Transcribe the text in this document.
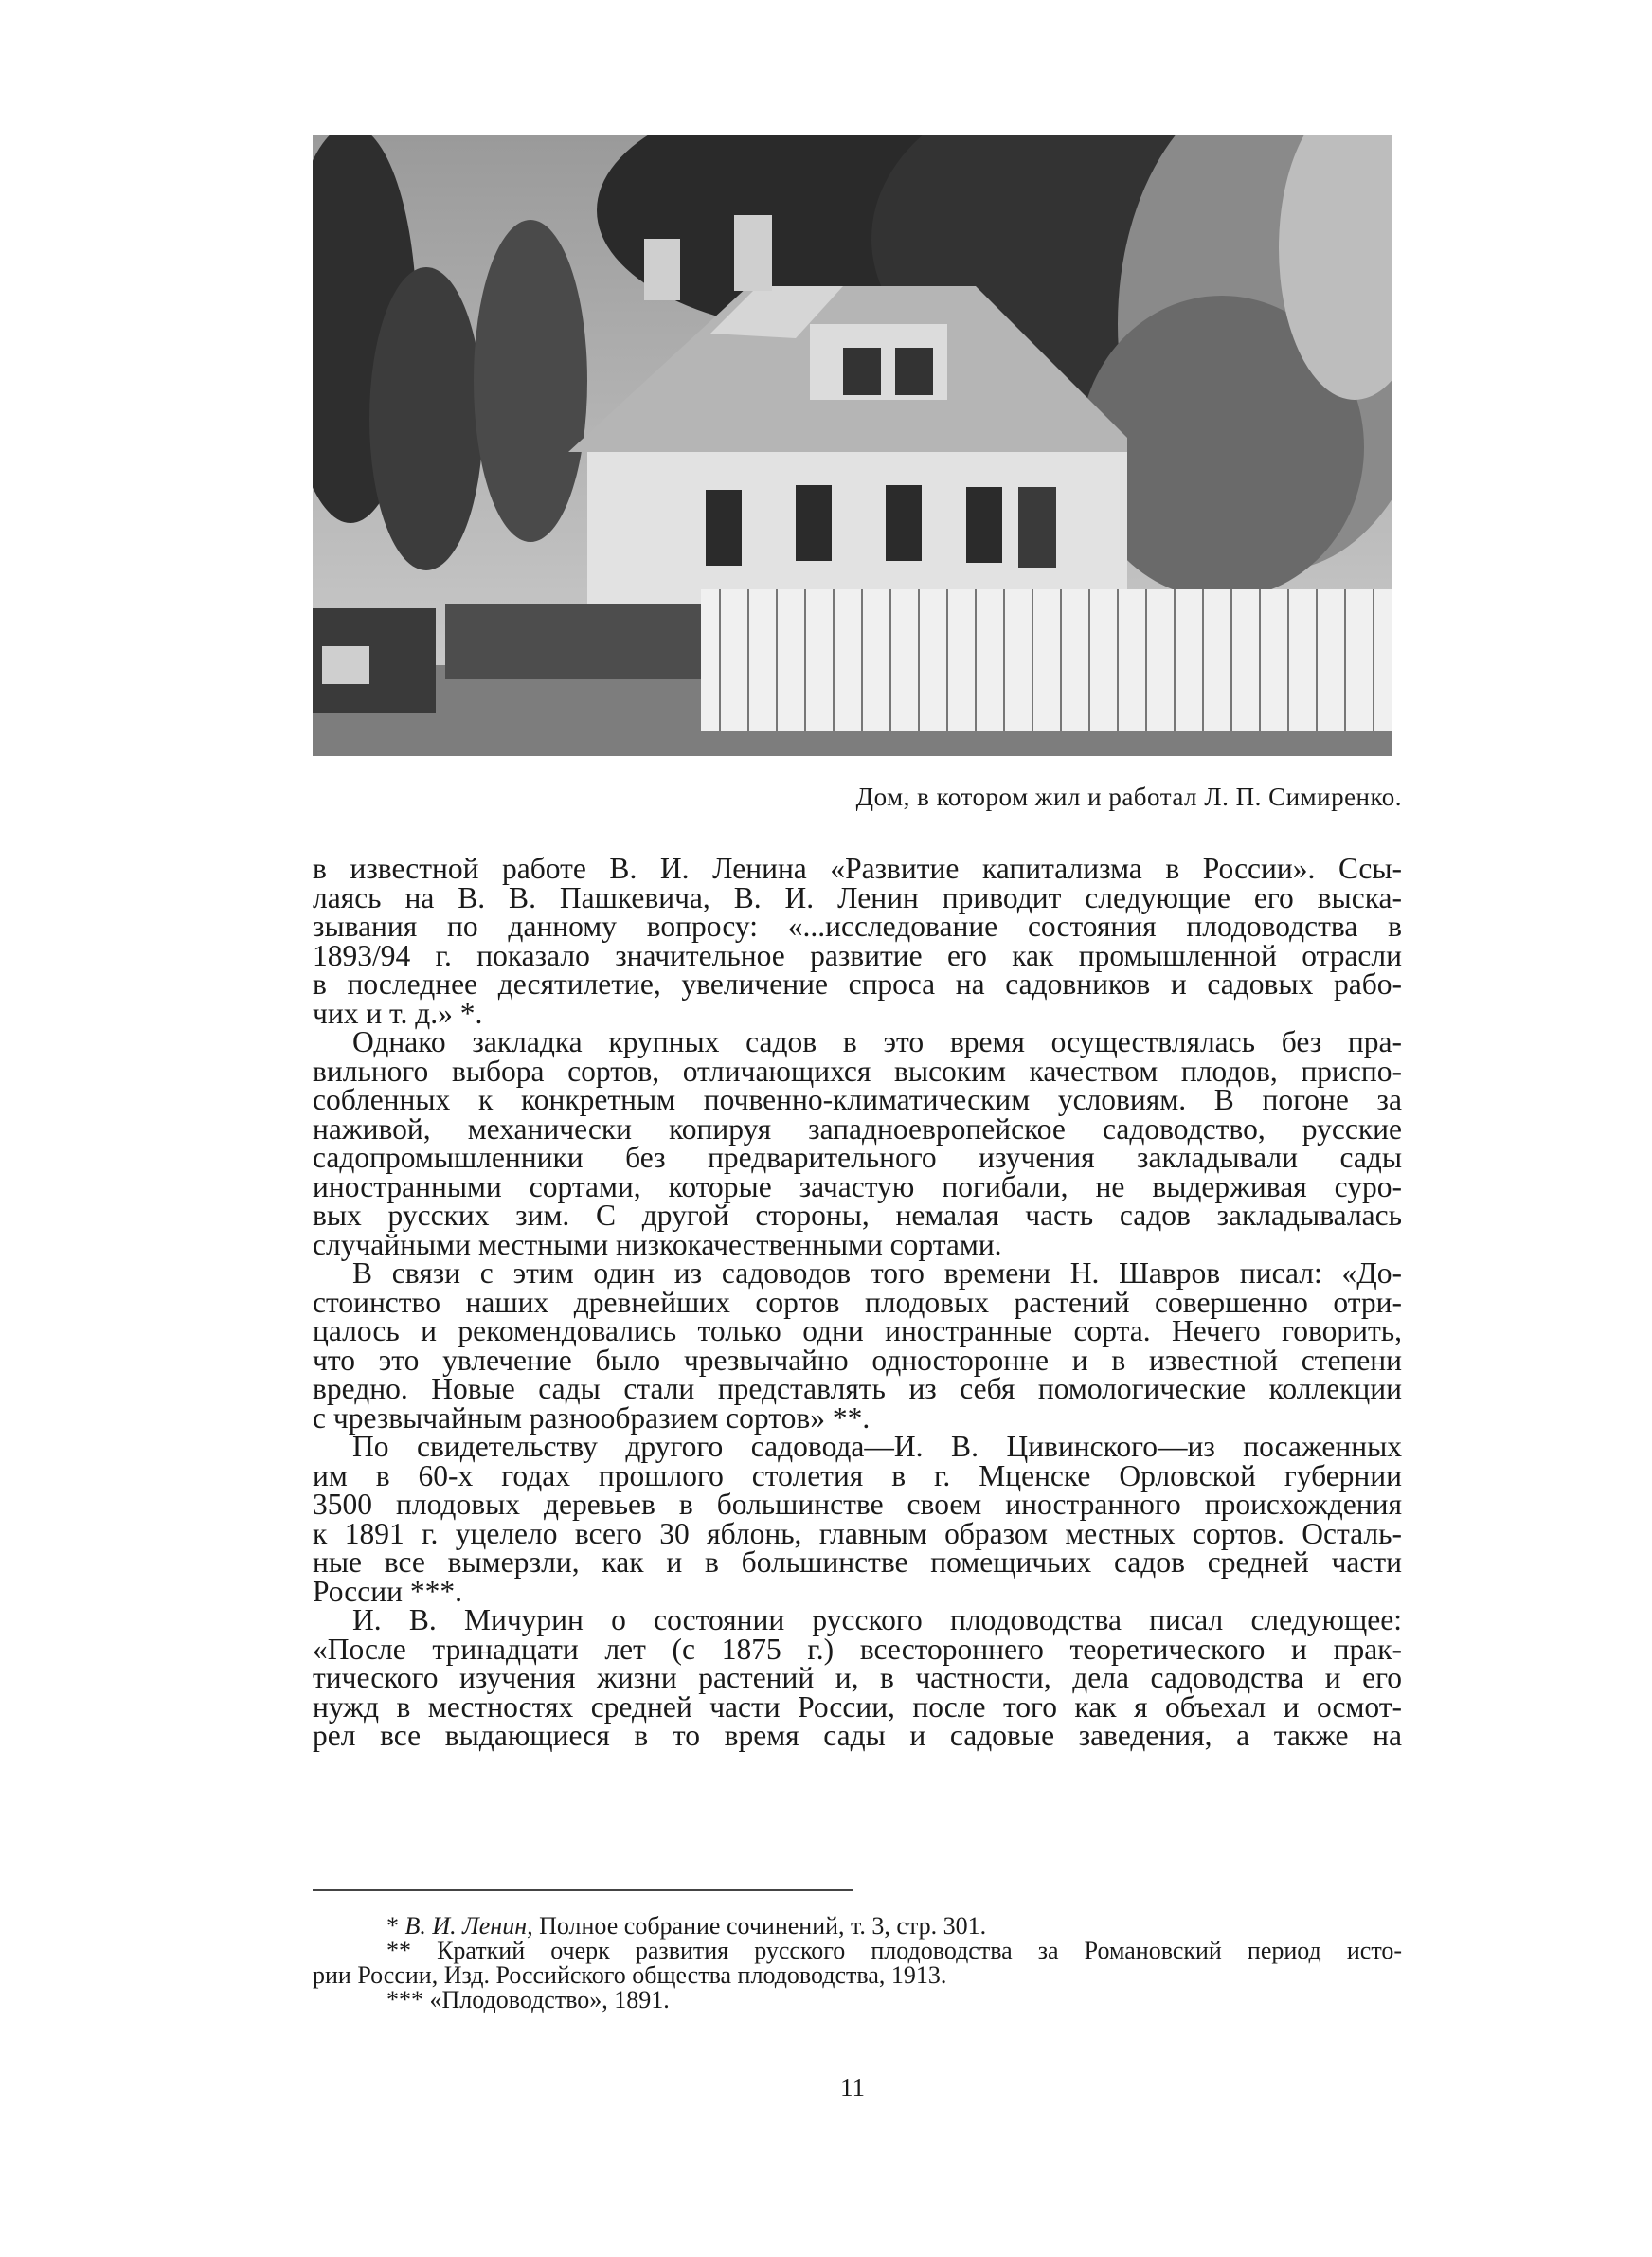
Дом, в котором жил и работал Л. П. Симиренко.

в известной работе В. И. Ленина «Развитие капитализма в России». Ссы-

лаясь на В. В. Пашкевича, В. И. Ленин приводит следующие его выска-

зывания по данному вопросу: «...исследование состояния плодоводства в

1893/94 г. показало значительное развитие его как промышленной отрасли

в последнее десятилетие, увеличение спроса на садовников и садовых рабо-

чих и т. д.» *.

Однако закладка крупных садов в это время осуществлялась без пра-

вильного выбора сортов, отличающихся высоким качеством плодов, приспо-

собленных к конкретным почвенно-климатическим условиям. В погоне за

наживой, механически копируя западноевропейское садоводство, русские

садопромышленники без предварительного изучения закладывали сады

иностранными сортами, которые зачастую погибали, не выдерживая суро-

вых русских зим. С другой стороны, немалая часть садов закладывалась

случайными местными низкокачественными сортами.

В связи с этим один из садоводов того времени Н. Шавров писал: «До-

стоинство наших древнейших сортов плодовых растений совершенно отри-

цалось и рекомендовались только одни иностранные сорта. Нечего говорить,

что это увлечение было чрезвычайно односторонне и в известной степени

вредно. Новые сады стали представлять из себя помологические коллекции

с чрезвычайным разнообразием сортов» **.

По свидетельству другого садовода—И. В. Цивинского—из посаженных

им в 60-х годах прошлого столетия в г. Мценске Орловской губернии

3500 плодовых деревьев в большинстве своем иностранного происхождения

к 1891 г. уцелело всего 30 яблонь, главным образом местных сортов. Осталь-

ные все вымерзли, как и в большинстве помещичьих садов средней части

России ***.

И. В. Мичурин о состоянии русского плодоводства писал следующее:

«После тринадцати лет (с 1875 г.) всестороннего теоретического и прак-

тического изучения жизни растений и, в частности, дела садоводства и его

нужд в местностях средней части России, после того как я объехал и осмот-

рел все выдающиеся в то время сады и садовые заведения, а также на

* В. И. Ленин, Полное собрание сочинений, т. 3, стр. 301.

** Краткий очерк развития русского плодоводства за Романовский период исто-

рии России, Изд. Российского общества плодоводства, 1913.

*** «Плодоводство», 1891.

11
